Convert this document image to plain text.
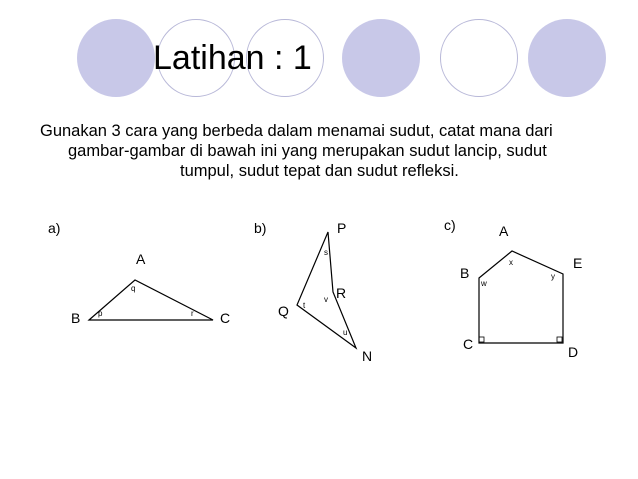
Latihan : 1
Gunakan 3 cara yang berbeda dalam menamai sudut, catat mana dari
gambar-gambar di bawah ini yang merupakan sudut lancip, sudut
tumpul, sudut tepat dan sudut refleksi.
a)
A
B	C
q
p	r
b)	P
Q
R
N
s
t
v
u
c)	A
B
C	D
E
x
w
y
